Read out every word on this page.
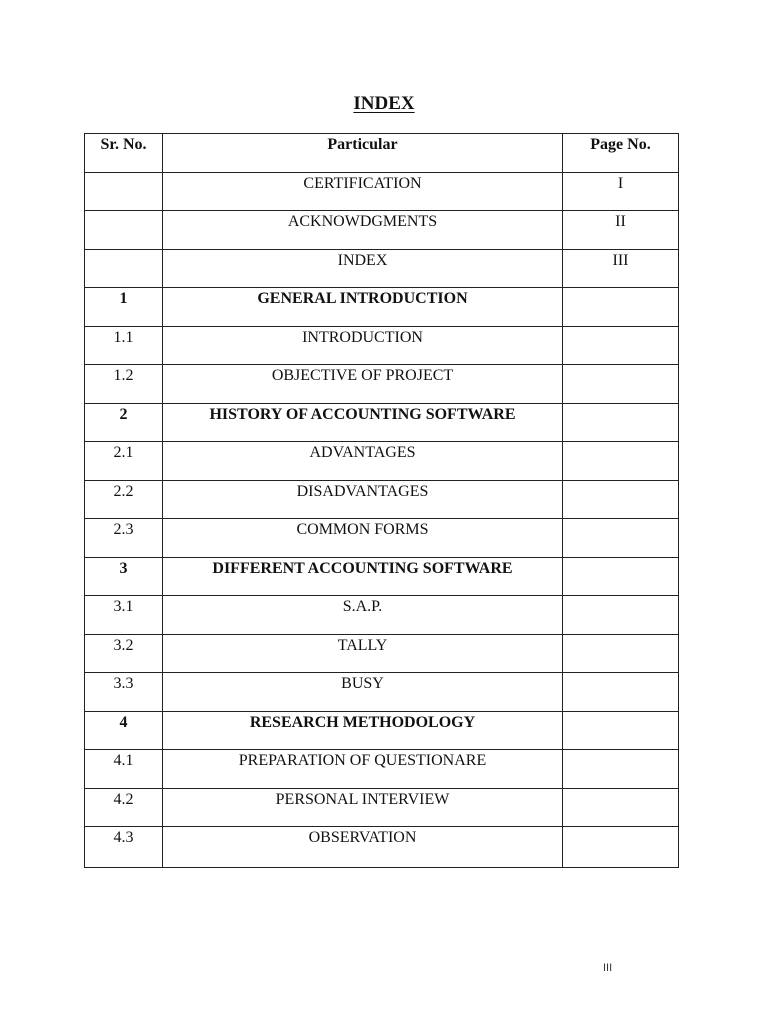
INDEX
Sr. No.	Particular	Page No.
	CERTIFICATION	I
	ACKNOWDGMENTS	II
	INDEX	III
1	GENERAL INTRODUCTION	
1.1	INTRODUCTION	
1.2	OBJECTIVE OF PROJECT	
2	HISTORY OF ACCOUNTING SOFTWARE	
2.1	ADVANTAGES	
2.2	DISADVANTAGES	
2.3	COMMON FORMS	
3	DIFFERENT ACCOUNTING SOFTWARE	
3.1	S.A.P.	
3.2	TALLY	
3.3	BUSY	
4	RESEARCH METHODOLOGY	
4.1	PREPARATION OF QUESTIONARE	
4.2	PERSONAL INTERVIEW	
4.3	OBSERVATION	
III
